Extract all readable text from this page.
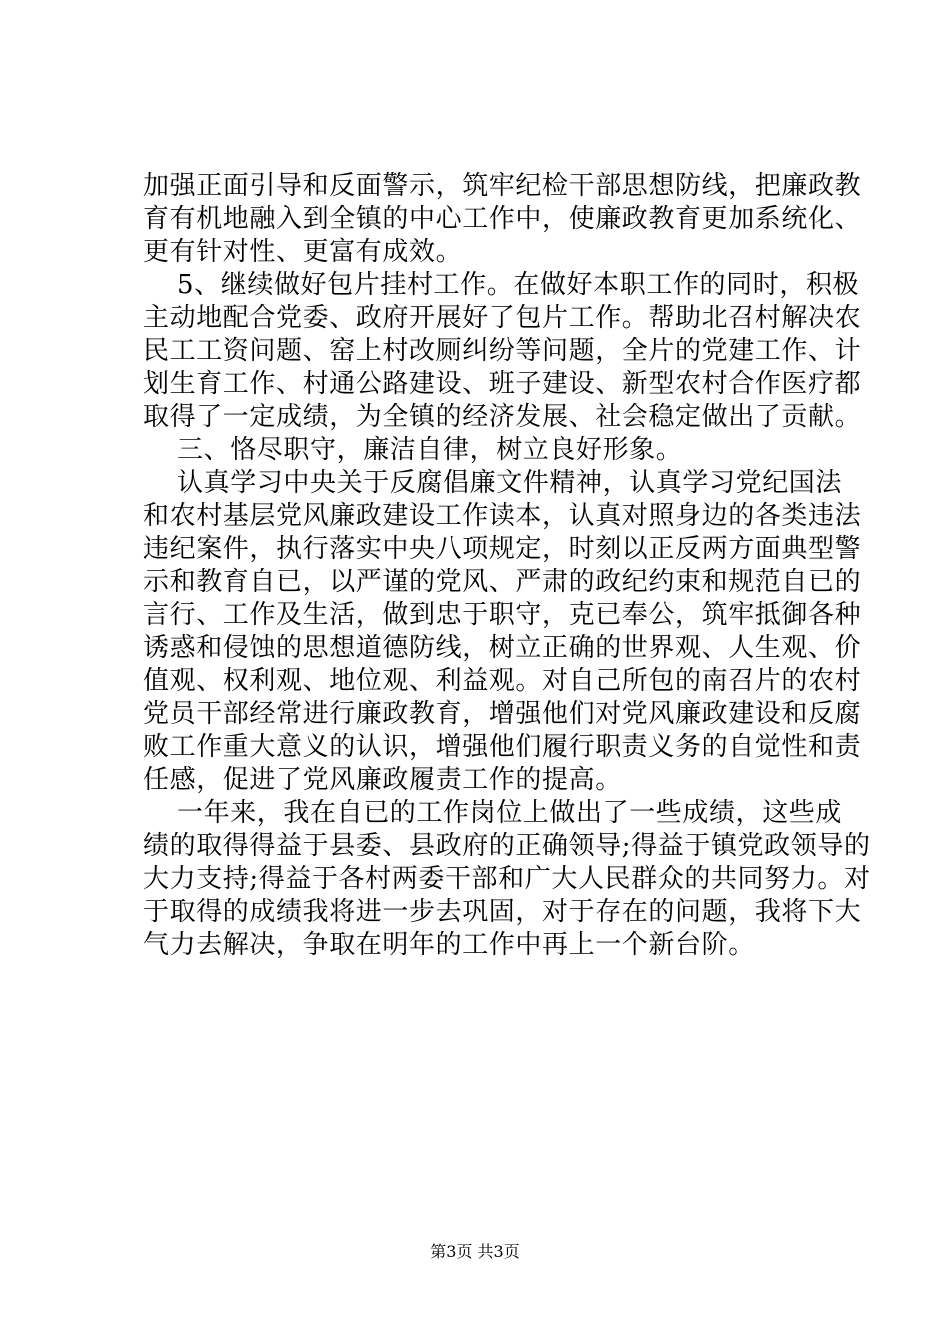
加强正面引导和反面警示，筑牢纪检干部思想防线，把廉政教
育有机地融入到全镇的中心工作中，使廉政教育更加系统化、
更有针对性、更富有成效。
5、继续做好包片挂村工作。在做好本职工作的同时，积极
主动地配合党委、政府开展好了包片工作。帮助北召村解决农
民工工资问题、窑上村改厕纠纷等问题，全片的党建工作、计
划生育工作、村通公路建设、班子建设、新型农村合作医疗都
取得了一定成绩，为全镇的经济发展、社会稳定做出了贡献。
三、恪尽职守，廉洁自律，树立良好形象。
认真学习中央关于反腐倡廉文件精神，认真学习党纪国法
和农村基层党风廉政建设工作读本，认真对照身边的各类违法
违纪案件，执行落实中央八项规定，时刻以正反两方面典型警
示和教育自已，以严谨的党风、严肃的政纪约束和规范自已的
言行、工作及生活，做到忠于职守，克已奉公，筑牢抵御各种
诱惑和侵蚀的思想道德防线，树立正确的世界观、人生观、价
值观、权利观、地位观、利益观。对自己所包的南召片的农村
党员干部经常进行廉政教育，增强他们对党风廉政建设和反腐
败工作重大意义的认识，增强他们履行职责义务的自觉性和责
任感，促进了党风廉政履责工作的提高。
一年来，我在自已的工作岗位上做出了一些成绩，这些成
绩的取得得益于县委、县政府的正确领导;得益于镇党政领导的
大力支持;得益于各村两委干部和广大人民群众的共同努力。对
于取得的成绩我将进一步去巩固，对于存在的问题，我将下大
气力去解决，争取在明年的工作中再上一个新台阶。
第3页 共3页
